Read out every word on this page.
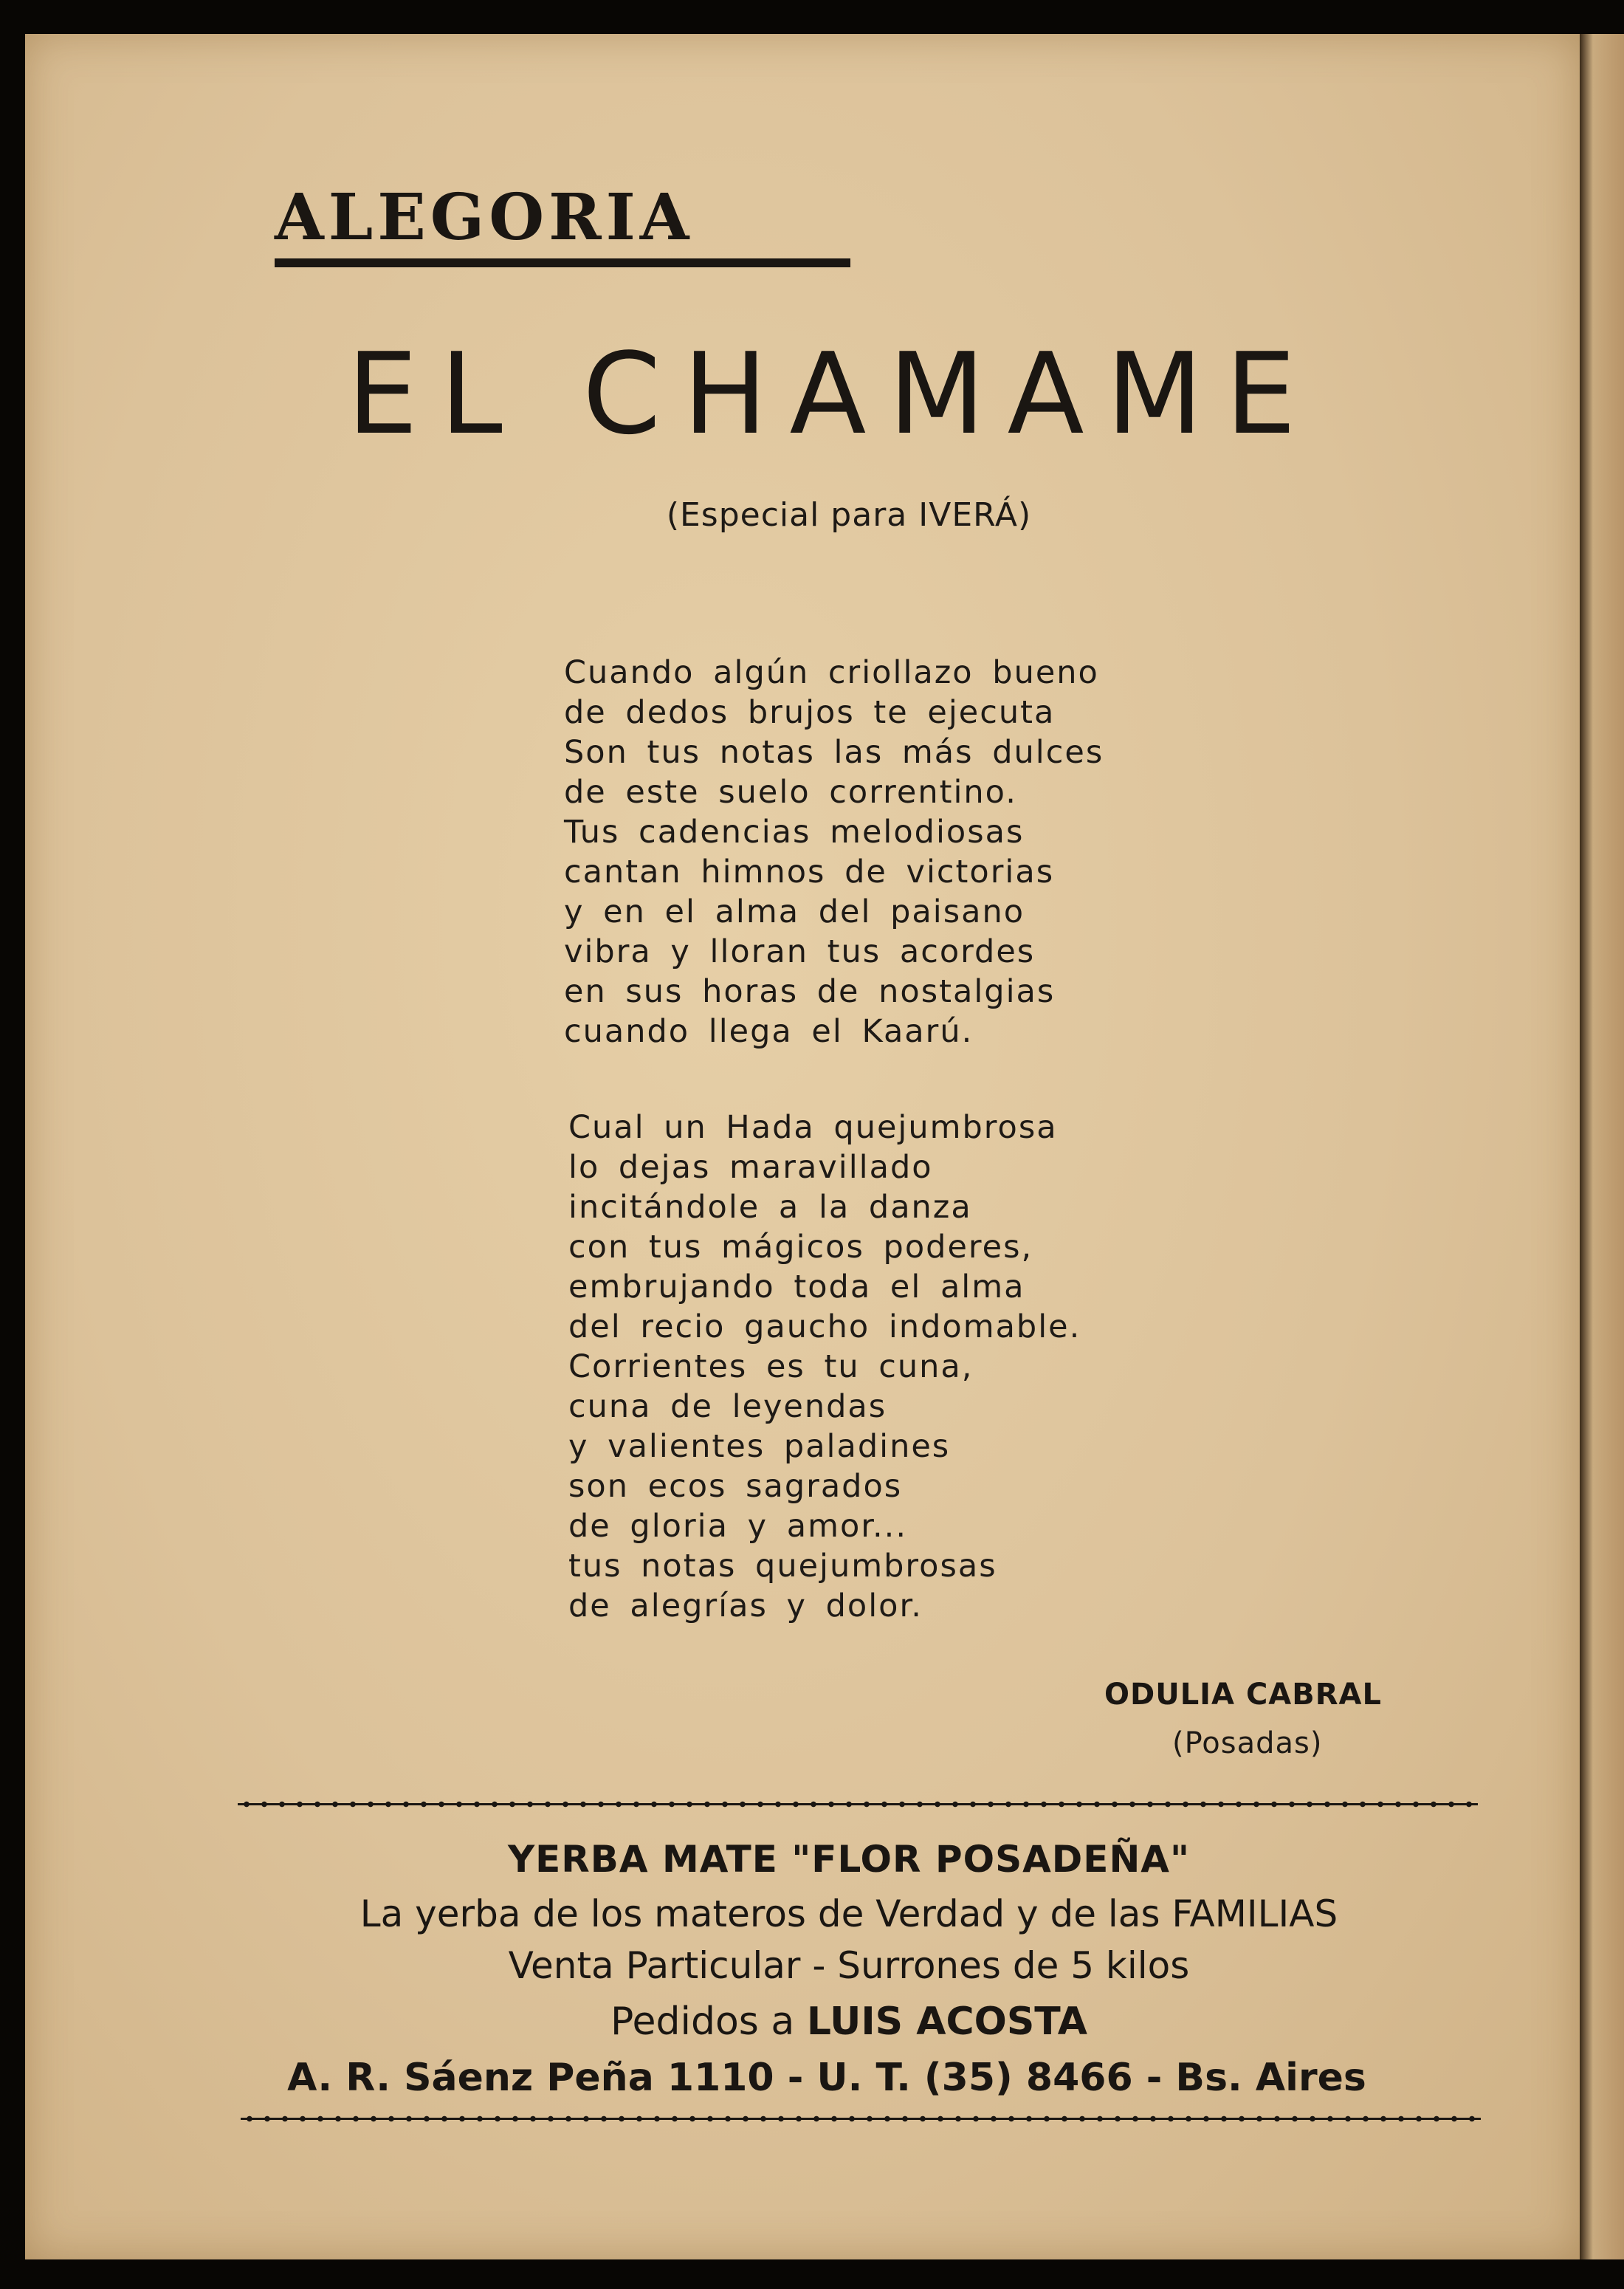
ALEGORIA
EL CHAMAME
(Especial para IVERÁ)
Cuando algún criollazo bueno
de dedos brujos te ejecuta
Son tus notas las más dulces
de este suelo correntino.
Tus cadencias melodiosas
cantan himnos de victorias
y en el alma del paisano
vibra y lloran tus acordes
en sus horas de nostalgias
cuando llega el Kaarú.
Cual un Hada quejumbrosa
lo dejas maravillado
incitándole a la danza
con tus mágicos poderes,
embrujando toda el alma
del recio gaucho indomable.
Corrientes es tu cuna,
cuna de leyendas
y valientes paladines
son ecos sagrados
de gloria y amor...
tus notas quejumbrosas
de alegrías y dolor.
ODULIA CABRAL
(Posadas)

YERBA MATE "FLOR POSADEÑA"

La yerba de los materos de Verdad y de las FAMILIAS

Venta Particular - Surrones de 5 kilos

Pedidos a LUIS ACOSTA

A. R. Sáenz Peña 1110 - U. T. (35) 8466 - Bs. Aires
